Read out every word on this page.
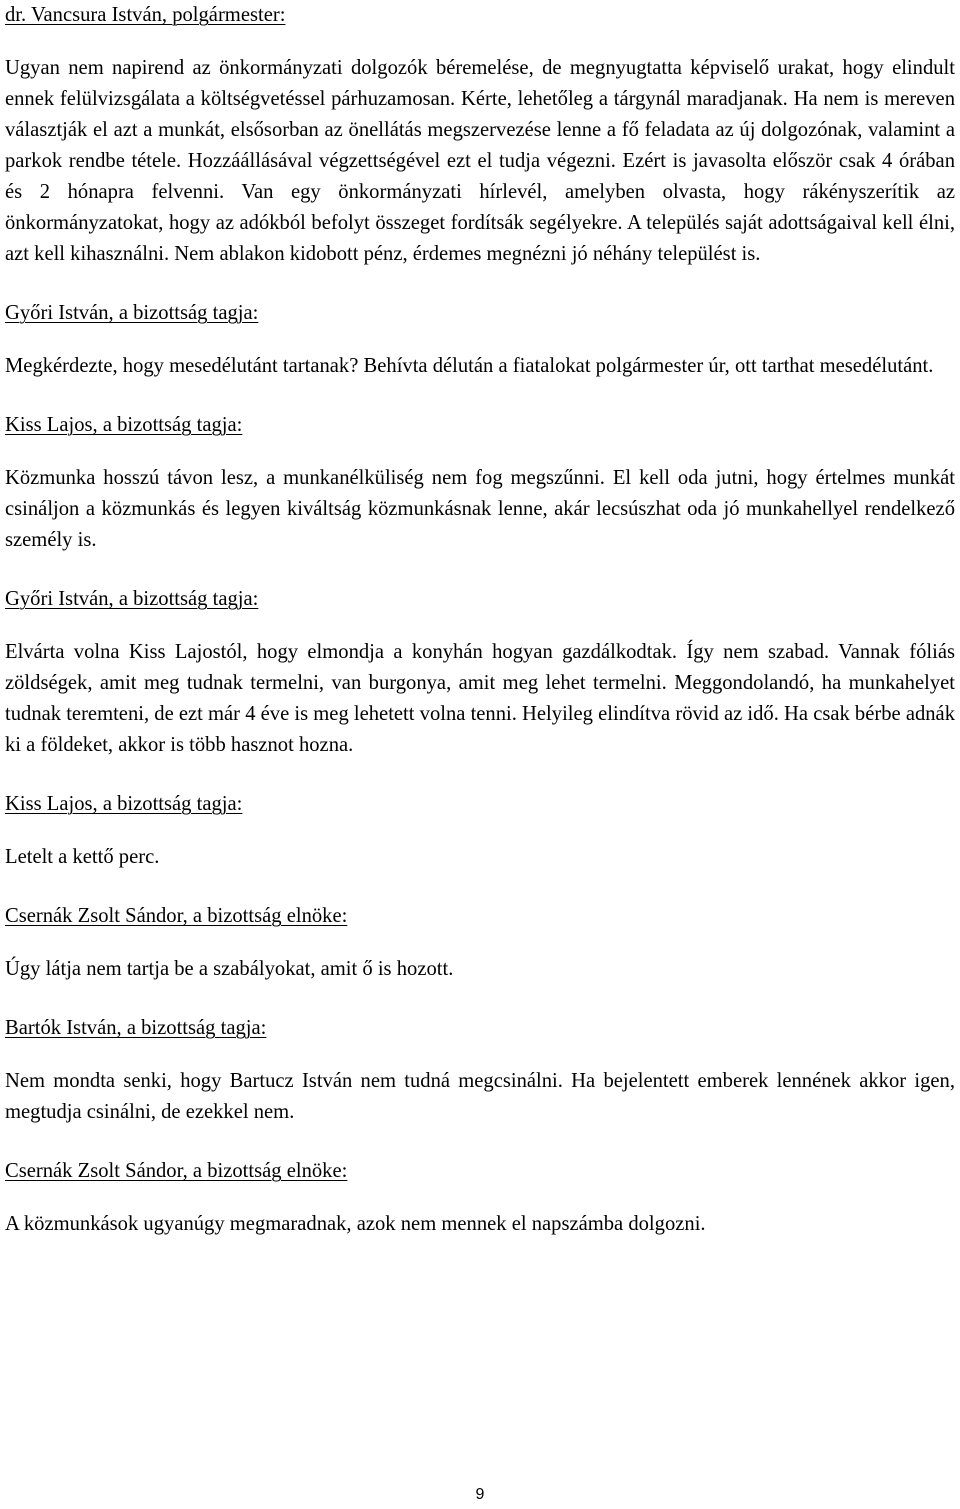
dr. Vancsura István, polgármester:

Ugyan nem napirend az önkormányzati dolgozók béremelése, de megnyugtatta képviselő urakat, hogy elindult ennek felülvizsgálata a költségvetéssel párhuzamosan. Kérte, lehetőleg a tárgynál maradjanak. Ha nem is mereven választják el azt a munkát, elsősorban az önellátás megszervezése lenne a fő feladata az új dolgozónak, valamint a parkok rendbe tétele. Hozzáállásával végzettségével ezt el tudja végezni. Ezért is javasolta először csak 4 órában és 2 hónapra felvenni. Van egy önkormányzati hírlevél, amelyben olvasta, hogy rákényszerítik az önkormányzatokat, hogy az adókból befolyt összeget fordítsák segélyekre. A település saját adottságaival kell élni, azt kell kihasználni. Nem ablakon kidobott pénz, érdemes megnézni jó néhány települést is.

Győri István, a bizottság tagja:

Megkérdezte, hogy mesedélutánt tartanak? Behívta délután a fiatalokat polgármester úr, ott tarthat mesedélutánt.

Kiss Lajos, a bizottság tagja:

Közmunka hosszú távon lesz, a munkanélküliség nem fog megszűnni. El kell oda jutni, hogy értelmes munkát csináljon a közmunkás és legyen kiváltság közmunkásnak lenne, akár lecsúszhat oda jó munkahellyel rendelkező személy is.

Győri István, a bizottság tagja:

Elvárta volna Kiss Lajostól, hogy elmondja a konyhán hogyan gazdálkodtak. Így nem szabad. Vannak fóliás zöldségek, amit meg tudnak termelni, van burgonya, amit meg lehet termelni. Meggondolandó, ha munkahelyet tudnak teremteni, de ezt már 4 éve is meg lehetett volna tenni. Helyileg elindítva rövid az idő. Ha csak bérbe adnák ki a földeket, akkor is több hasznot hozna.

Kiss Lajos, a bizottság tagja:

Letelt a kettő perc.

Csernák Zsolt Sándor, a bizottság elnöke:

Úgy látja nem tartja be a szabályokat, amit ő is hozott.

Bartók István, a bizottság tagja:

Nem mondta senki, hogy Bartucz István nem tudná megcsinálni. Ha bejelentett emberek lennének akkor igen, megtudja csinálni, de ezekkel nem.

Csernák Zsolt Sándor, a bizottság elnöke:

A közmunkások ugyanúgy megmaradnak, azok nem mennek el napszámba dolgozni.

9
